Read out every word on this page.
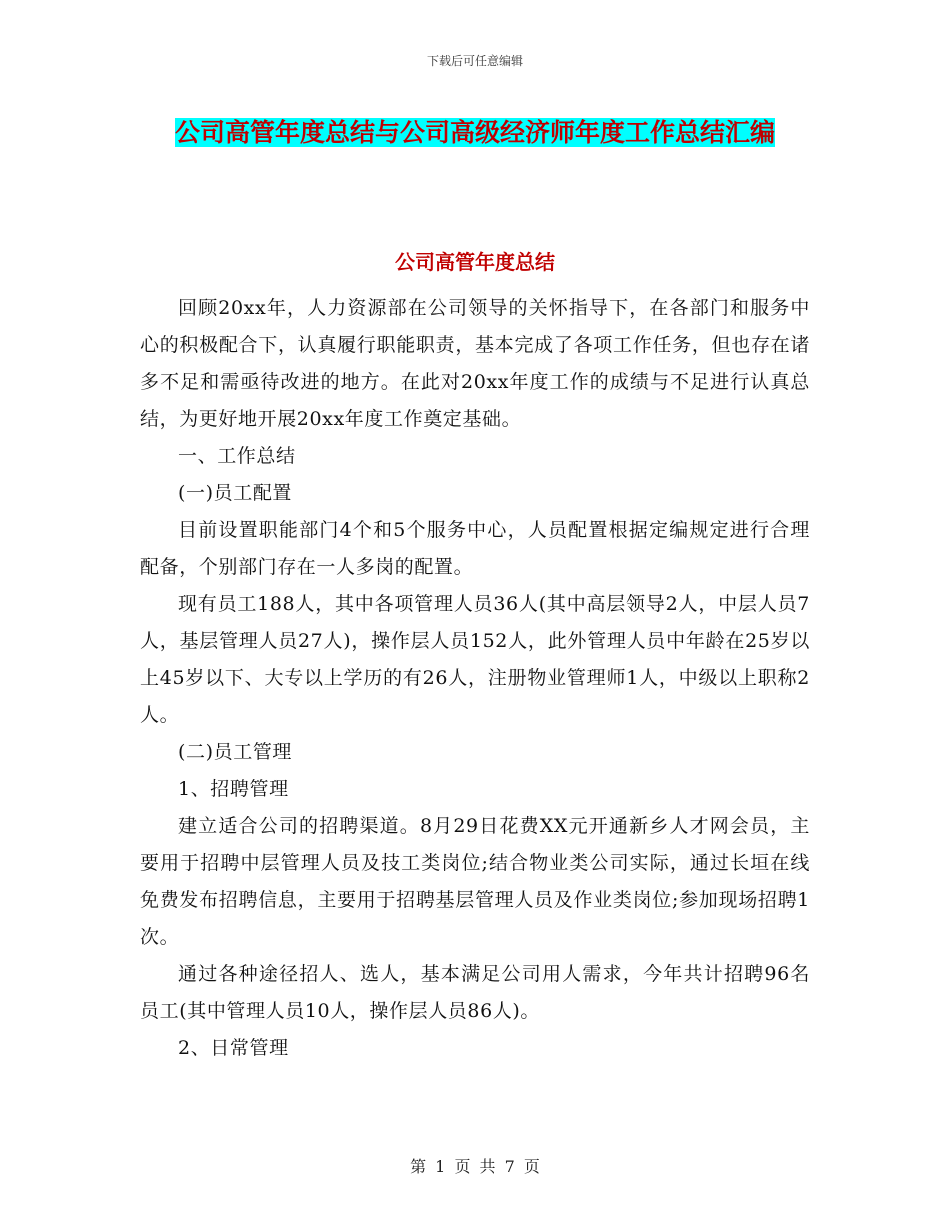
下载后可任意编辑
公司高管年度总结与公司高级经济师年度工作总结汇编
公司高管年度总结

回顾20xx年，人力资源部在公司领导的关怀指导下，在各部门和服务中心的积极配合下，认真履行职能职责，基本完成了各项工作任务，但也存在诸多不足和需亟待改进的地方。在此对20xx年度工作的成绩与不足进行认真总结，为更好地开展20xx年度工作奠定基础。

一、工作总结

(一)员工配置

目前设置职能部门4个和5个服务中心，人员配置根据定编规定进行合理配备，个别部门存在一人多岗的配置。

现有员工188人，其中各项管理人员36人(其中高层领导2人，中层人员7人，基层管理人员27人)，操作层人员152人，此外管理人员中年龄在25岁以上45岁以下、大专以上学历的有26人，注册物业管理师1人，中级以上职称2人。

(二)员工管理

1、招聘管理

建立适合公司的招聘渠道。8月29日花费XX元开通新乡人才网会员，主要用于招聘中层管理人员及技工类岗位;结合物业类公司实际，通过长垣在线免费发布招聘信息，主要用于招聘基层管理人员及作业类岗位;参加现场招聘1次。

通过各种途径招人、选人，基本满足公司用人需求，今年共计招聘96名员工(其中管理人员10人，操作层人员86人)。

2、日常管理

第 1 页 共 7 页
